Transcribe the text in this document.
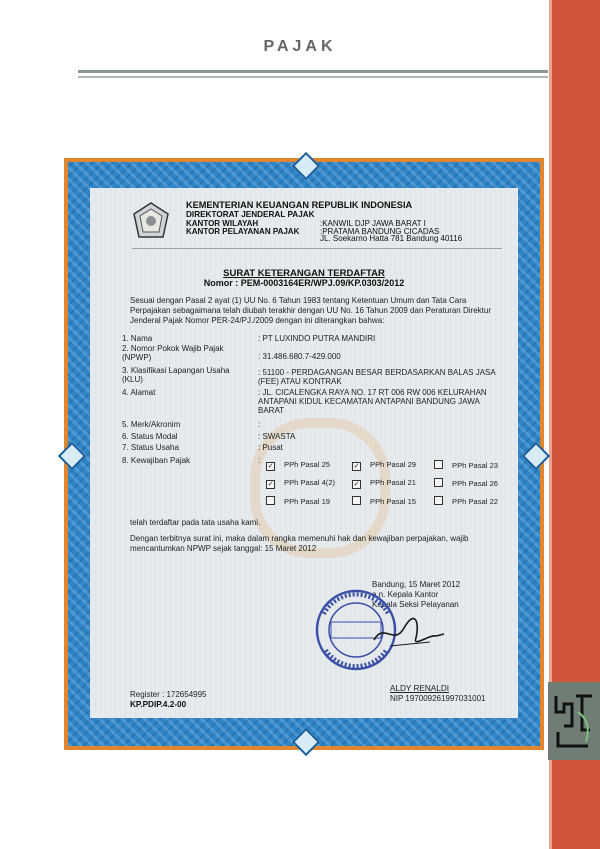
PAJAK
KEMENTERIAN KEUANGAN REPUBLIK INDONESIA
DIREKTORAT JENDERAL PAJAK
KANTOR WILAYAH	:KANWIL DJP JAWA BARAT I
KANTOR PELAYANAN PAJAK	:PRATAMA BANDUNG CICADAS
JL. Soekarno Hatta 781 Bandung 40116
SURAT KETERANGAN TERDAFTAR
Nomor : PEM-0003164ER/WPJ.09/KP.0303/2012
Sesuai dengan Pasal 2 ayat (1) UU No. 6 Tahun 1983 tentang Ketentuan Umum dan Tata Cara Perpajakan sebagaimana telah diubah terakhir dengan UU No. 16 Tahun 2009 dan Peraturan Direktur Jenderal Pajak Nomor PER-24/PJ./2009 dengan ini diterangkan bahwa:
1. Nama	: PT LUXINDO PUTRA MANDIRI
2. Nomor Pokok Wajib Pajak (NPWP)	: 31.486.680.7-429.000
3. Klasifikasi Lapangan Usaha (KLU)
: 51100 - PERDAGANGAN BESAR BERDASARKAN BALAS JASA (FEE) ATAU KONTRAK
4. Alamat	: JL. CICALENGKA RAYA NO. 17 RT 006 RW 006 KELURAHAN ANTAPANI KIDUL KECAMATAN ANTAPANI BANDUNG JAWA BARAT
5. Merk/Akronim	:
6. Status Modal	: SWASTA
7. Status Usaha	: Pusat
8. Kewajiban Pajak	:
✓ PPh Pasal 25	✓ PPh Pasal 29	PPh Pasal 23
✓ PPh Pasal 4(2)	✓ PPh Pasal 21	PPh Pasal 26
PPh Pasal 19	PPh Pasal 15	PPh Pasal 22
telah terdaftar pada tata usaha kami.
Dengan terbitnya surat ini, maka dalam rangka memenuhi hak dan kewajiban perpajakan, wajib mencantumkan NPWP sejak tanggal: 15 Maret 2012
Bandung, 15 Maret 2012
a.n. Kepala Kantor
Kepala Seksi Pelayanan
ALDY RENALDI
NIP 197009261997031001
Register : 172654995
KP.PDIP.4.2-00
